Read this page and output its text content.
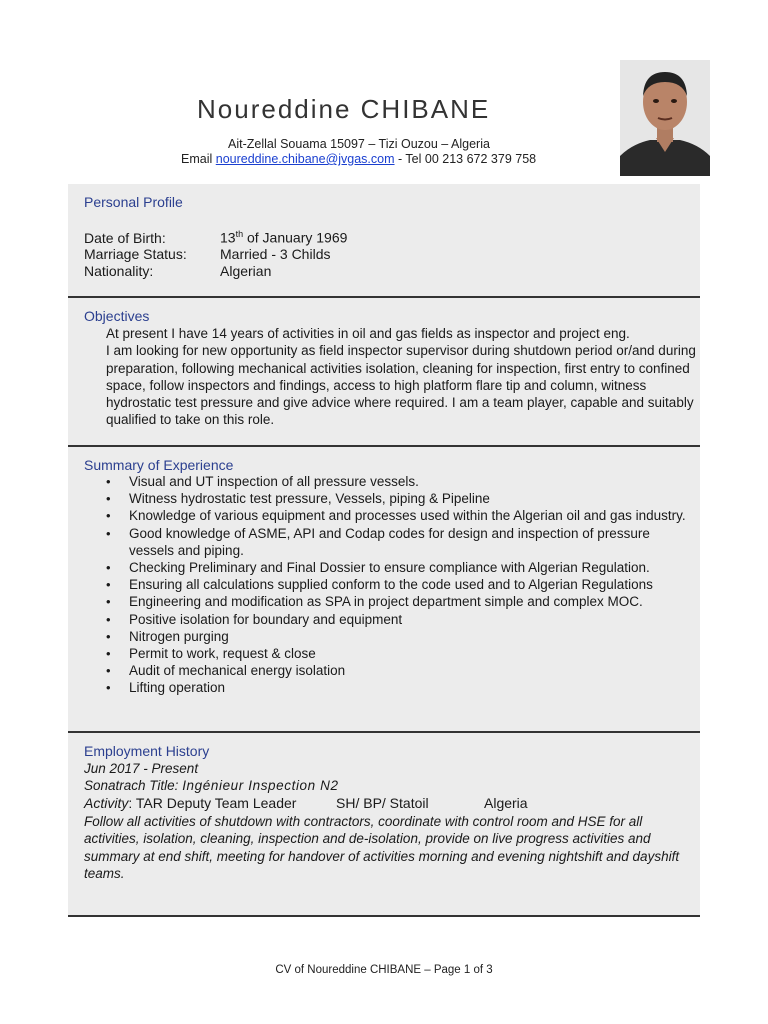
Noureddine CHIBANE
Ait-Zellal Souama 15097 – Tizi Ouzou – Algeria
Email noureddine.chibane@jvgas.com - Tel 00 213 672 379 758
Personal Profile
Date of Birth:	13th of January 1969
Marriage Status: Married - 3 Childs
Nationality:	Algerian
Objectives

At present I have 14 years of activities in oil and gas fields as inspector and project eng.

I am looking for new opportunity as field inspector supervisor during shutdown period or/and during preparation, following mechanical activities isolation, cleaning for inspection, first entry to confined space, follow inspectors and findings, access to high platform flare tip and column, witness hydrostatic test pressure and give advice where required. I am a team player, capable and suitably qualified to take on this role.

Summary of Experience
• Visual and UT inspection of all pressure vessels.
• Witness hydrostatic test pressure, Vessels, piping & Pipeline
• Knowledge of various equipment and processes used within the Algerian oil and gas industry.
• Good knowledge of ASME, API and Codap codes for design and inspection of pressure vessels and piping.
• Checking Preliminary and Final Dossier to ensure compliance with Algerian Regulation.
• Ensuring all calculations supplied conform to the code used and to Algerian Regulations
• Engineering and modification as SPA in project department simple and complex MOC.
• Positive isolation for boundary and equipment
• Nitrogen purging
• Permit to work, request & close
• Audit of mechanical energy isolation
• Lifting operation
Employment History
Jun 2017 - Present
Sonatrach Title: Ingénieur Inspection N2
Activity: TAR Deputy Team Leader	SH/ BP/ Statoil	Algeria
Follow all activities of shutdown with contractors, coordinate with control room and HSE for all activities, isolation, cleaning, inspection and de-isolation, provide on live progress activities and summary at end shift, meeting for handover of activities morning and evening nightshift and dayshift teams.
CV of Noureddine CHIBANE – Page 1 of 3
